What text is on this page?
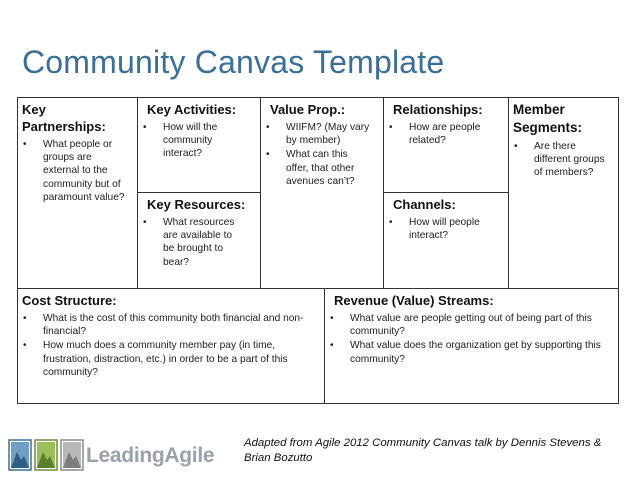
Community Canvas Template
Key Partnerships:
• What people or groups are external to the community but of paramount value?
Key Activities:
• How will the community interact?
Value Prop.:
• WIIFM? (May vary by member)
• What can this offer, that other avenues can’t?
Relationships:
• How are people related?
Member Segments:
• Are there different groups of members?
Key Resources:
• What resources are available to be brought to bear?
Channels:
• How will people interact?
Cost Structure:
• What is the cost of this community both financial and non-financial?
• How much does a community member pay (in time, frustration, distraction, etc.) in order to be a part of this community?
Revenue (Value) Streams:
• What value are people getting out of being part of this community?
• What value does the organization get by supporting this community?
LeadingAgile
Adapted from Agile 2012 Community Canvas talk by Dennis Stevens & Brian Bozutto
